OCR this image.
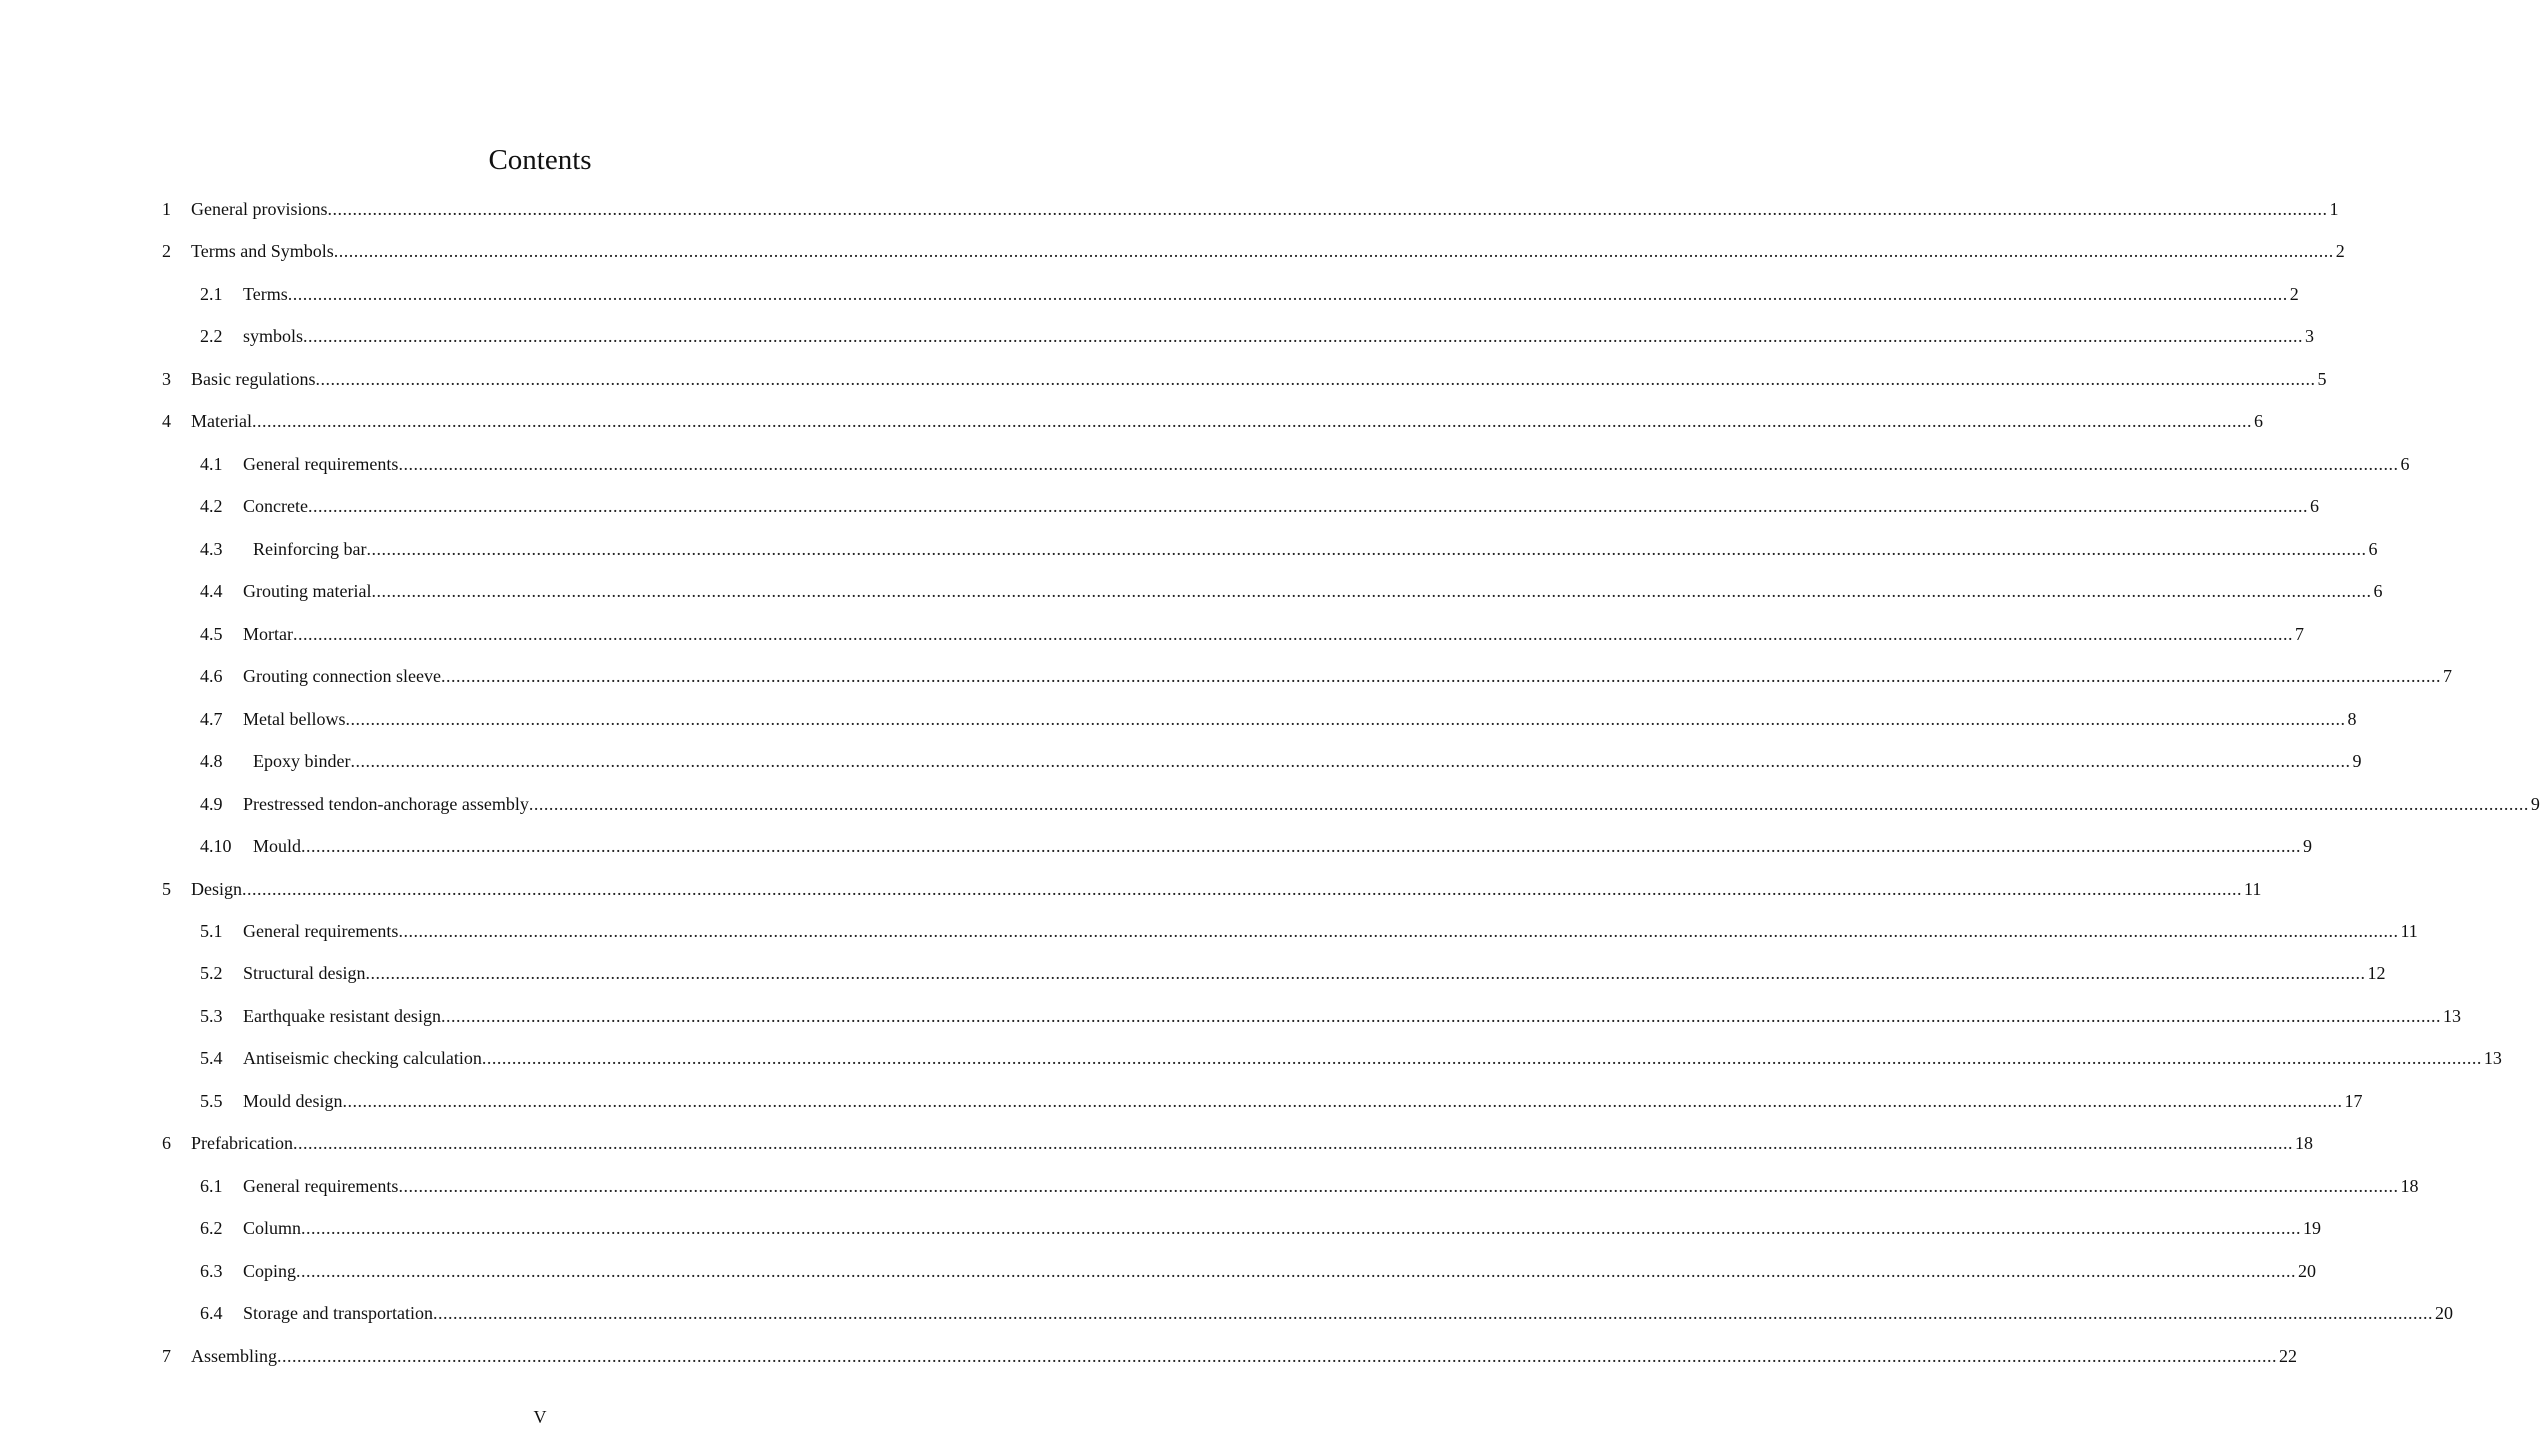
Contents
1	General provisions ................................................................................................................................................................................................................................................................................................................................................................................................................ 1
2	Terms and Symbols ................................................................................................................................................................................................................................................................................................................................................................................................................ 2
2.1	Terms ................................................................................................................................................................................................................................................................................................................................................................................................................ 2
2.2	symbols ................................................................................................................................................................................................................................................................................................................................................................................................................ 3
3	Basic regulations ................................................................................................................................................................................................................................................................................................................................................................................................................ 5
4	Material ................................................................................................................................................................................................................................................................................................................................................................................................................ 6
4.1	General requirements ................................................................................................................................................................................................................................................................................................................................................................................................................ 6
4.2	Concrete ................................................................................................................................................................................................................................................................................................................................................................................................................ 6
4.3	Reinforcing bar ................................................................................................................................................................................................................................................................................................................................................................................................................ 6
4.4	Grouting material ................................................................................................................................................................................................................................................................................................................................................................................................................ 6
4.5	Mortar ................................................................................................................................................................................................................................................................................................................................................................................................................ 7
4.6	Grouting connection sleeve ................................................................................................................................................................................................................................................................................................................................................................................................................ 7
4.7	Metal bellows ................................................................................................................................................................................................................................................................................................................................................................................................................ 8
4.8	Epoxy binder ................................................................................................................................................................................................................................................................................................................................................................................................................ 9
4.9	Prestressed tendon-anchorage assembly ................................................................................................................................................................................................................................................................................................................................................................................................................ 9
4.10	Mould ................................................................................................................................................................................................................................................................................................................................................................................................................ 9
5	Design ................................................................................................................................................................................................................................................................................................................................................................................................................ 11
5.1	General requirements ................................................................................................................................................................................................................................................................................................................................................................................................................ 11
5.2	Structural design ................................................................................................................................................................................................................................................................................................................................................................................................................ 12
5.3	Earthquake resistant design ................................................................................................................................................................................................................................................................................................................................................................................................................ 13
5.4	Antiseismic checking calculation ................................................................................................................................................................................................................................................................................................................................................................................................................ 13
5.5	Mould design ................................................................................................................................................................................................................................................................................................................................................................................................................ 17
6	Prefabrication ................................................................................................................................................................................................................................................................................................................................................................................................................ 18
6.1	General requirements ................................................................................................................................................................................................................................................................................................................................................................................................................ 18
6.2	Column ................................................................................................................................................................................................................................................................................................................................................................................................................ 19
6.3	Coping ................................................................................................................................................................................................................................................................................................................................................................................................................ 20
6.4	Storage and transportation ................................................................................................................................................................................................................................................................................................................................................................................................................ 20
7	Assembling ................................................................................................................................................................................................................................................................................................................................................................................................................ 22
V
